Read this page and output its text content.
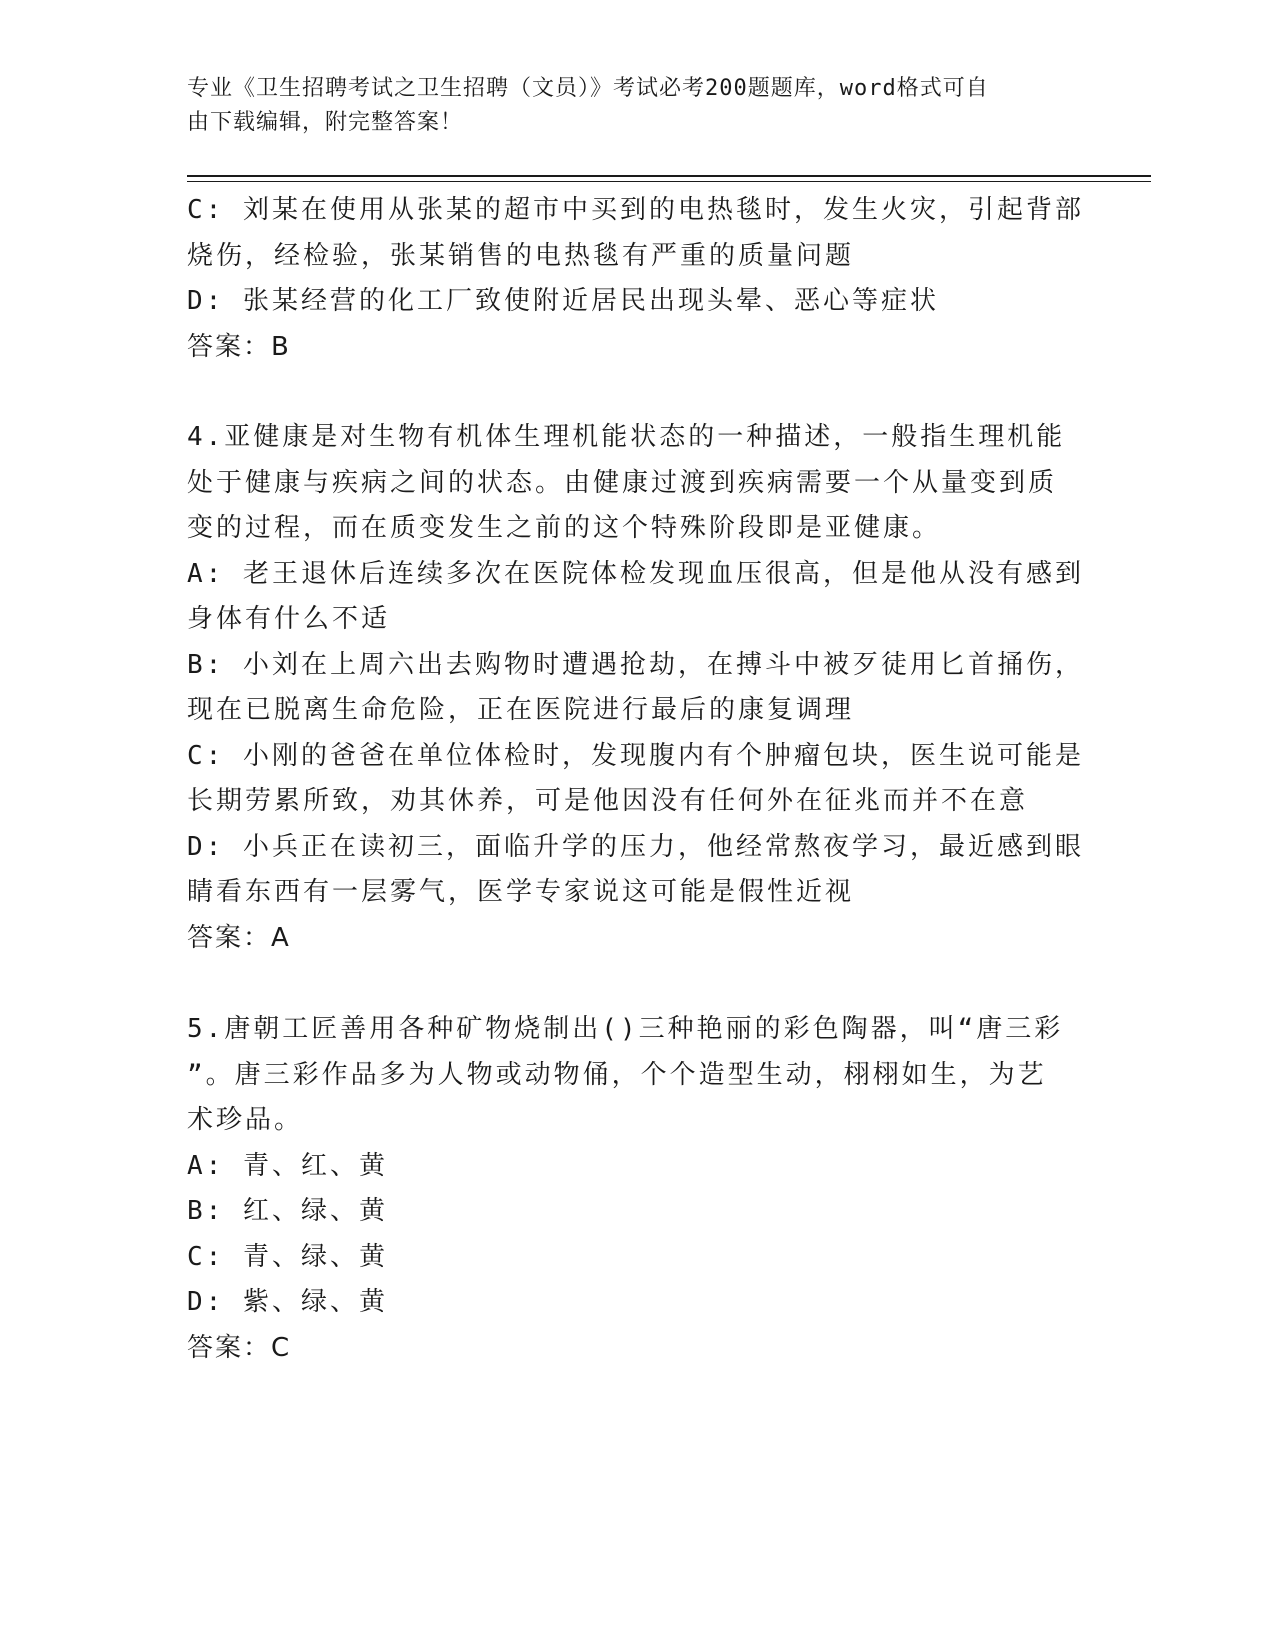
专业《卫生招聘考试之卫生招聘（文员）》考试必考200题题库，word格式可自
由下载编辑，附完整答案！
C: 刘某在使用从张某的超市中买到的电热毯时，发生火灾，引起背部
烧伤，经检验，张某销售的电热毯有严重的质量问题
D: 张某经营的化工厂致使附近居民出现头晕、恶心等症状
答案：B
4.亚健康是对生物有机体生理机能状态的一种描述，一般指生理机能
处于健康与疾病之间的状态。由健康过渡到疾病需要一个从量变到质
变的过程，而在质变发生之前的这个特殊阶段即是亚健康。
A: 老王退休后连续多次在医院体检发现血压很高，但是他从没有感到
身体有什么不适
B: 小刘在上周六出去购物时遭遇抢劫，在搏斗中被歹徒用匕首捅伤，
现在已脱离生命危险，正在医院进行最后的康复调理
C: 小刚的爸爸在单位体检时，发现腹内有个肿瘤包块，医生说可能是
长期劳累所致，劝其休养，可是他因没有任何外在征兆而并不在意
D: 小兵正在读初三，面临升学的压力，他经常熬夜学习，最近感到眼
睛看东西有一层雾气，医学专家说这可能是假性近视
答案：A
5.唐朝工匠善用各种矿物烧制出()三种艳丽的彩色陶器，叫“唐三彩
”。唐三彩作品多为人物或动物俑，个个造型生动，栩栩如生，为艺
术珍品。
A: 青、红、黄
B: 红、绿、黄
C: 青、绿、黄
D: 紫、绿、黄
答案：C
